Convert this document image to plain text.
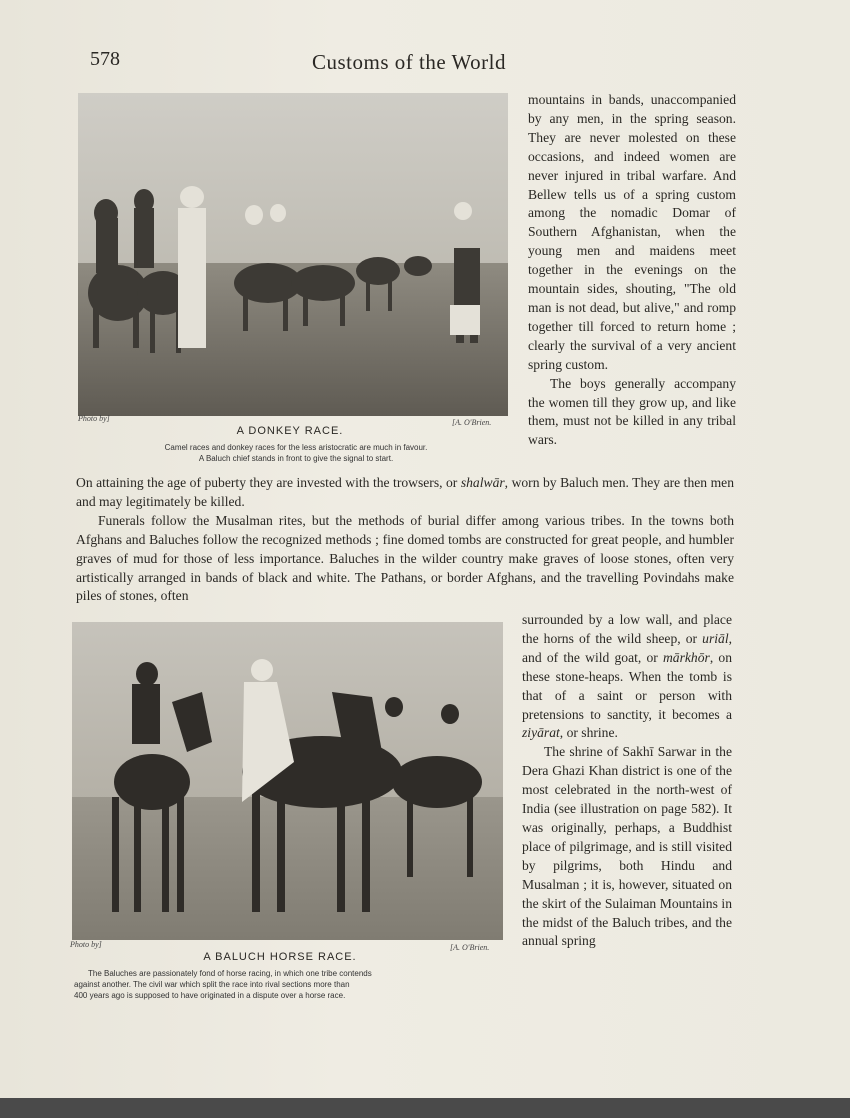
578	Customs of the World
Photo by]	[A. O'Brien.
A DONKEY RACE.
Camel races and donkey races for the less aristocratic are much in favour.
A Baluch chief stands in front to give the signal to start.

mountains in bands, unaccompanied by any men, in the spring season. They are never molested on these occasions, and indeed women are never injured in tribal warfare. And Bellew tells us of a spring custom among the nomadic Domar of Southern Afghanistan, when the young men and maidens meet together in the evenings on the mountain sides, shouting, "The old man is not dead, but alive," and romp together till forced to return home ; clearly the survival of a very ancient spring custom.

The boys generally accompany the women till they grow up, and like them, must not be killed in any tribal wars.

On attaining the age of puberty they are invested with the trowsers, or shalwār, worn by Baluch men. They are then men and may legitimately be killed.

Funerals follow the Musalman rites, but the methods of burial differ among various tribes. In the towns both Afghans and Baluches follow the recognized methods ; fine domed tombs are constructed for great people, and humbler graves of mud for those of less importance. Baluches in the wilder country make graves of loose stones, often very artistically arranged in bands of black and white. The Pathans, or border Afghans, and the travelling Povindahs make piles of stones, often

Photo by]	[A. O'Brien.
A BALUCH HORSE RACE.
The Baluches are passionately fond of horse racing, in which one tribe contends
against another. The civil war which split the race into rival sections more than
400 years ago is supposed to have originated in a dispute over a horse race.

surrounded by a low wall, and place the horns of the wild sheep, or uriāl, and of the wild goat, or mārkhōr, on these stone-heaps. When the tomb is that of a saint or person with pretensions to sanctity, it becomes a ziyārat, or shrine.

The shrine of Sakhī Sarwar in the Dera Ghazi Khan district is one of the most celebrated in the north-west of India (see illustration on page 582). It was originally, perhaps, a Buddhist place of pilgrimage, and is still visited by pilgrims, both Hindu and Musalman ; it is, however, situated on the skirt of the Sulaiman Mountains in the midst of the Baluch tribes, and the annual spring
